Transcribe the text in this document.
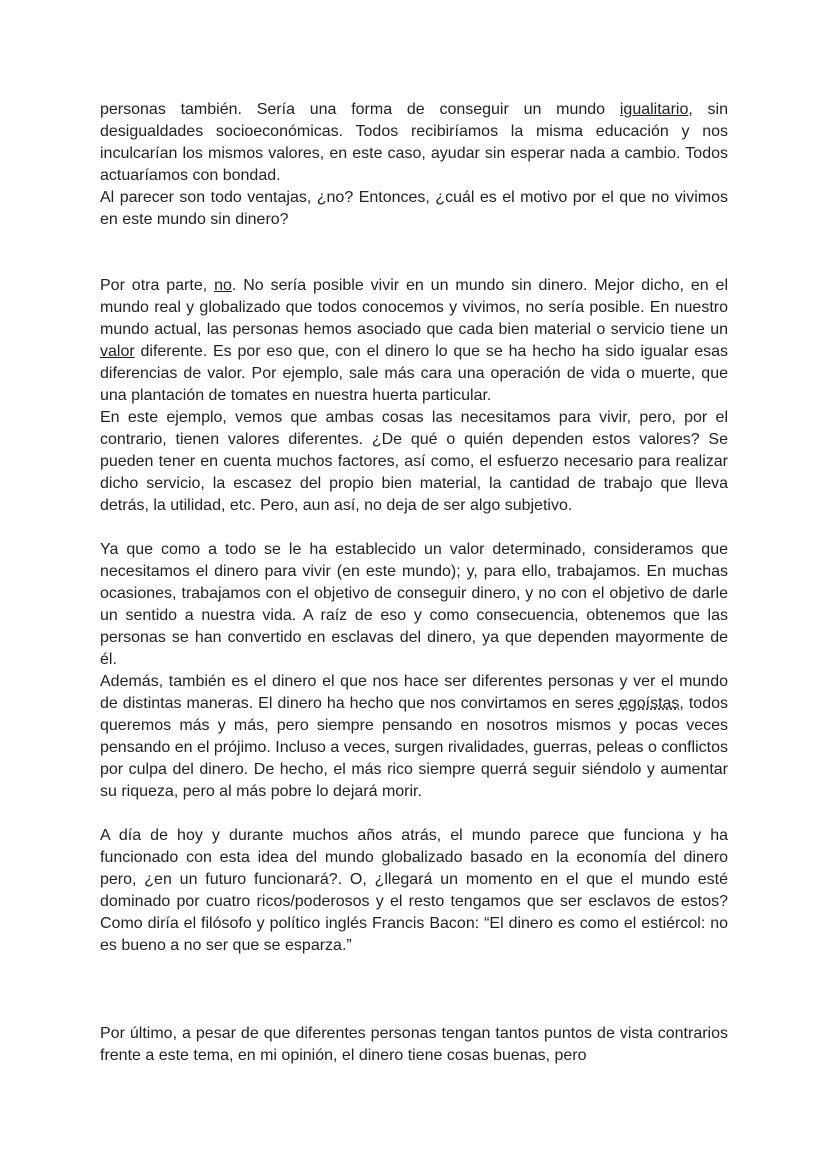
personas también. Sería una forma de conseguir un mundo igualitario, sin desigualdades socioeconómicas. Todos recibiríamos la misma educación y nos inculcarían los mismos valores, en este caso, ayudar sin esperar nada a cambio. Todos actuaríamos con bondad.

Al parecer son todo ventajas, ¿no? Entonces, ¿cuál es el motivo por el que no vivimos en este mundo sin dinero?

Por otra parte, no. No sería posible vivir en un mundo sin dinero. Mejor dicho, en el mundo real y globalizado que todos conocemos y vivimos, no sería posible. En nuestro mundo actual, las personas hemos asociado que cada bien material o servicio tiene un valor diferente. Es por eso que, con el dinero lo que se ha hecho ha sido igualar esas diferencias de valor. Por ejemplo, sale más cara una operación de vida o muerte, que una plantación de tomates en nuestra huerta particular.

En este ejemplo, vemos que ambas cosas las necesitamos para vivir, pero, por el contrario, tienen valores diferentes. ¿De qué o quién dependen estos valores? Se pueden tener en cuenta muchos factores, así como, el esfuerzo necesario para realizar dicho servicio, la escasez del propio bien material, la cantidad de trabajo que lleva detrás, la utilidad, etc. Pero, aun así, no deja de ser algo subjetivo.

Ya que como a todo se le ha establecido un valor determinado, consideramos que necesitamos el dinero para vivir (en este mundo); y, para ello, trabajamos. En muchas ocasiones, trabajamos con el objetivo de conseguir dinero, y no con el objetivo de darle un sentido a nuestra vida. A raíz de eso y como consecuencia, obtenemos que las personas se han convertido en esclavas del dinero, ya que dependen mayormente de él.

Además, también es el dinero el que nos hace ser diferentes personas y ver el mundo de distintas maneras. El dinero ha hecho que nos convirtamos en seres egoístas, todos queremos más y más, pero siempre pensando en nosotros mismos y pocas veces pensando en el prójimo. Incluso a veces, surgen rivalidades, guerras, peleas o conflictos por culpa del dinero. De hecho, el más rico siempre querrá seguir siéndolo y aumentar su riqueza, pero al más pobre lo dejará morir.

A día de hoy y durante muchos años atrás, el mundo parece que funciona y ha funcionado con esta idea del mundo globalizado basado en la economía del dinero pero, ¿en un futuro funcionará?. O, ¿llegará un momento en el que el mundo esté dominado por cuatro ricos/poderosos y el resto tengamos que ser esclavos de estos? Como diría el filósofo y político inglés Francis Bacon: “El dinero es como el estiércol: no es bueno a no ser que se esparza.”

Por último, a pesar de que diferentes personas tengan tantos puntos de vista contrarios frente a este tema, en mi opinión, el dinero tiene cosas buenas, pero
